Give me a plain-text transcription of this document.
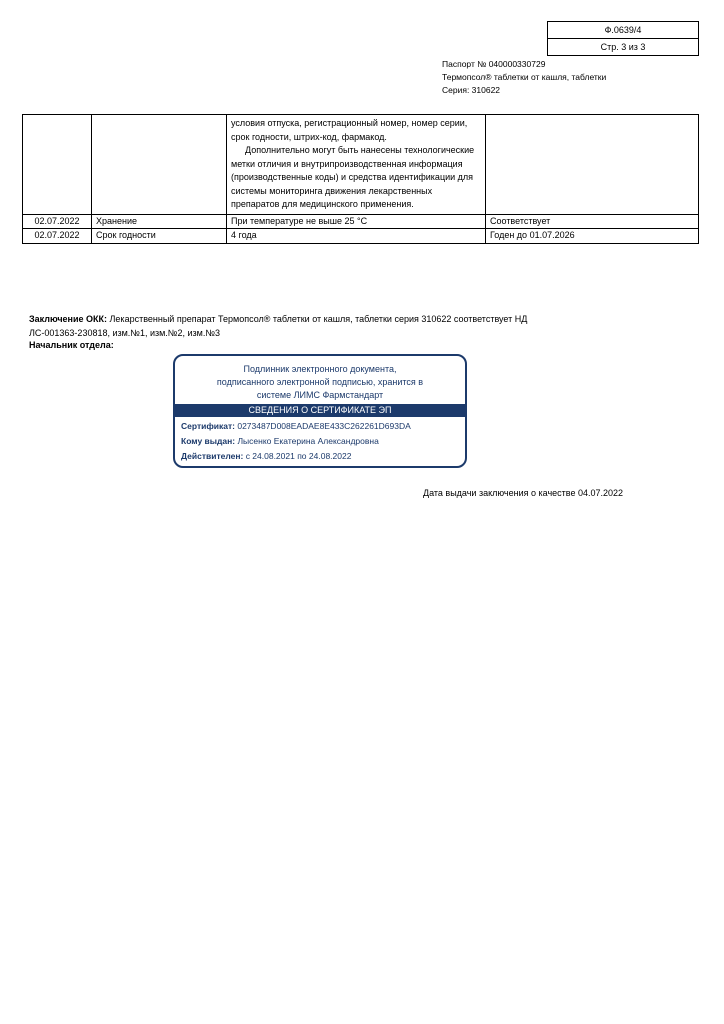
Ф.0639/4
Стр. 3 из 3
Паспорт № 040000330729
Термопсол® таблетки от кашля, таблетки
Серия: 310622

		условия отпуска, регистрационный номер, номер серии, срок годности, штрих-код, фармакод.
Дополнительно могут быть нанесены технологические метки отличия и внутрипроизводственная информация (производственные коды) и средства идентификации для системы мониторинга движения лекарственных препаратов для медицинского применения.	

02.07.2022	Хранение	При температуре не выше 25 °С	Соответствует
02.07.2022	Срок годности	4 года	Годен до 01.07.2026
Заключение ОКК: Лекарственный препарат Термопсол® таблетки от кашля, таблетки серия 310622 соответствует НД ЛС-001363-230818, изм.№1, изм.№2, изм.№3
Начальник отдела:
Подлинник электронного документа,
подписанного электронной подписью, хранится в
системе ЛИМС Фармстандарт
СВЕДЕНИЯ О СЕРТИФИКАТЕ ЭП
Сертификат: 0273487D008EADAE8E433C262261D693DA
Кому выдан: Лысенко Екатерина Александровна
Действителен: с 24.08.2021 по 24.08.2022
Дата выдачи заключения о качестве 04.07.2022
